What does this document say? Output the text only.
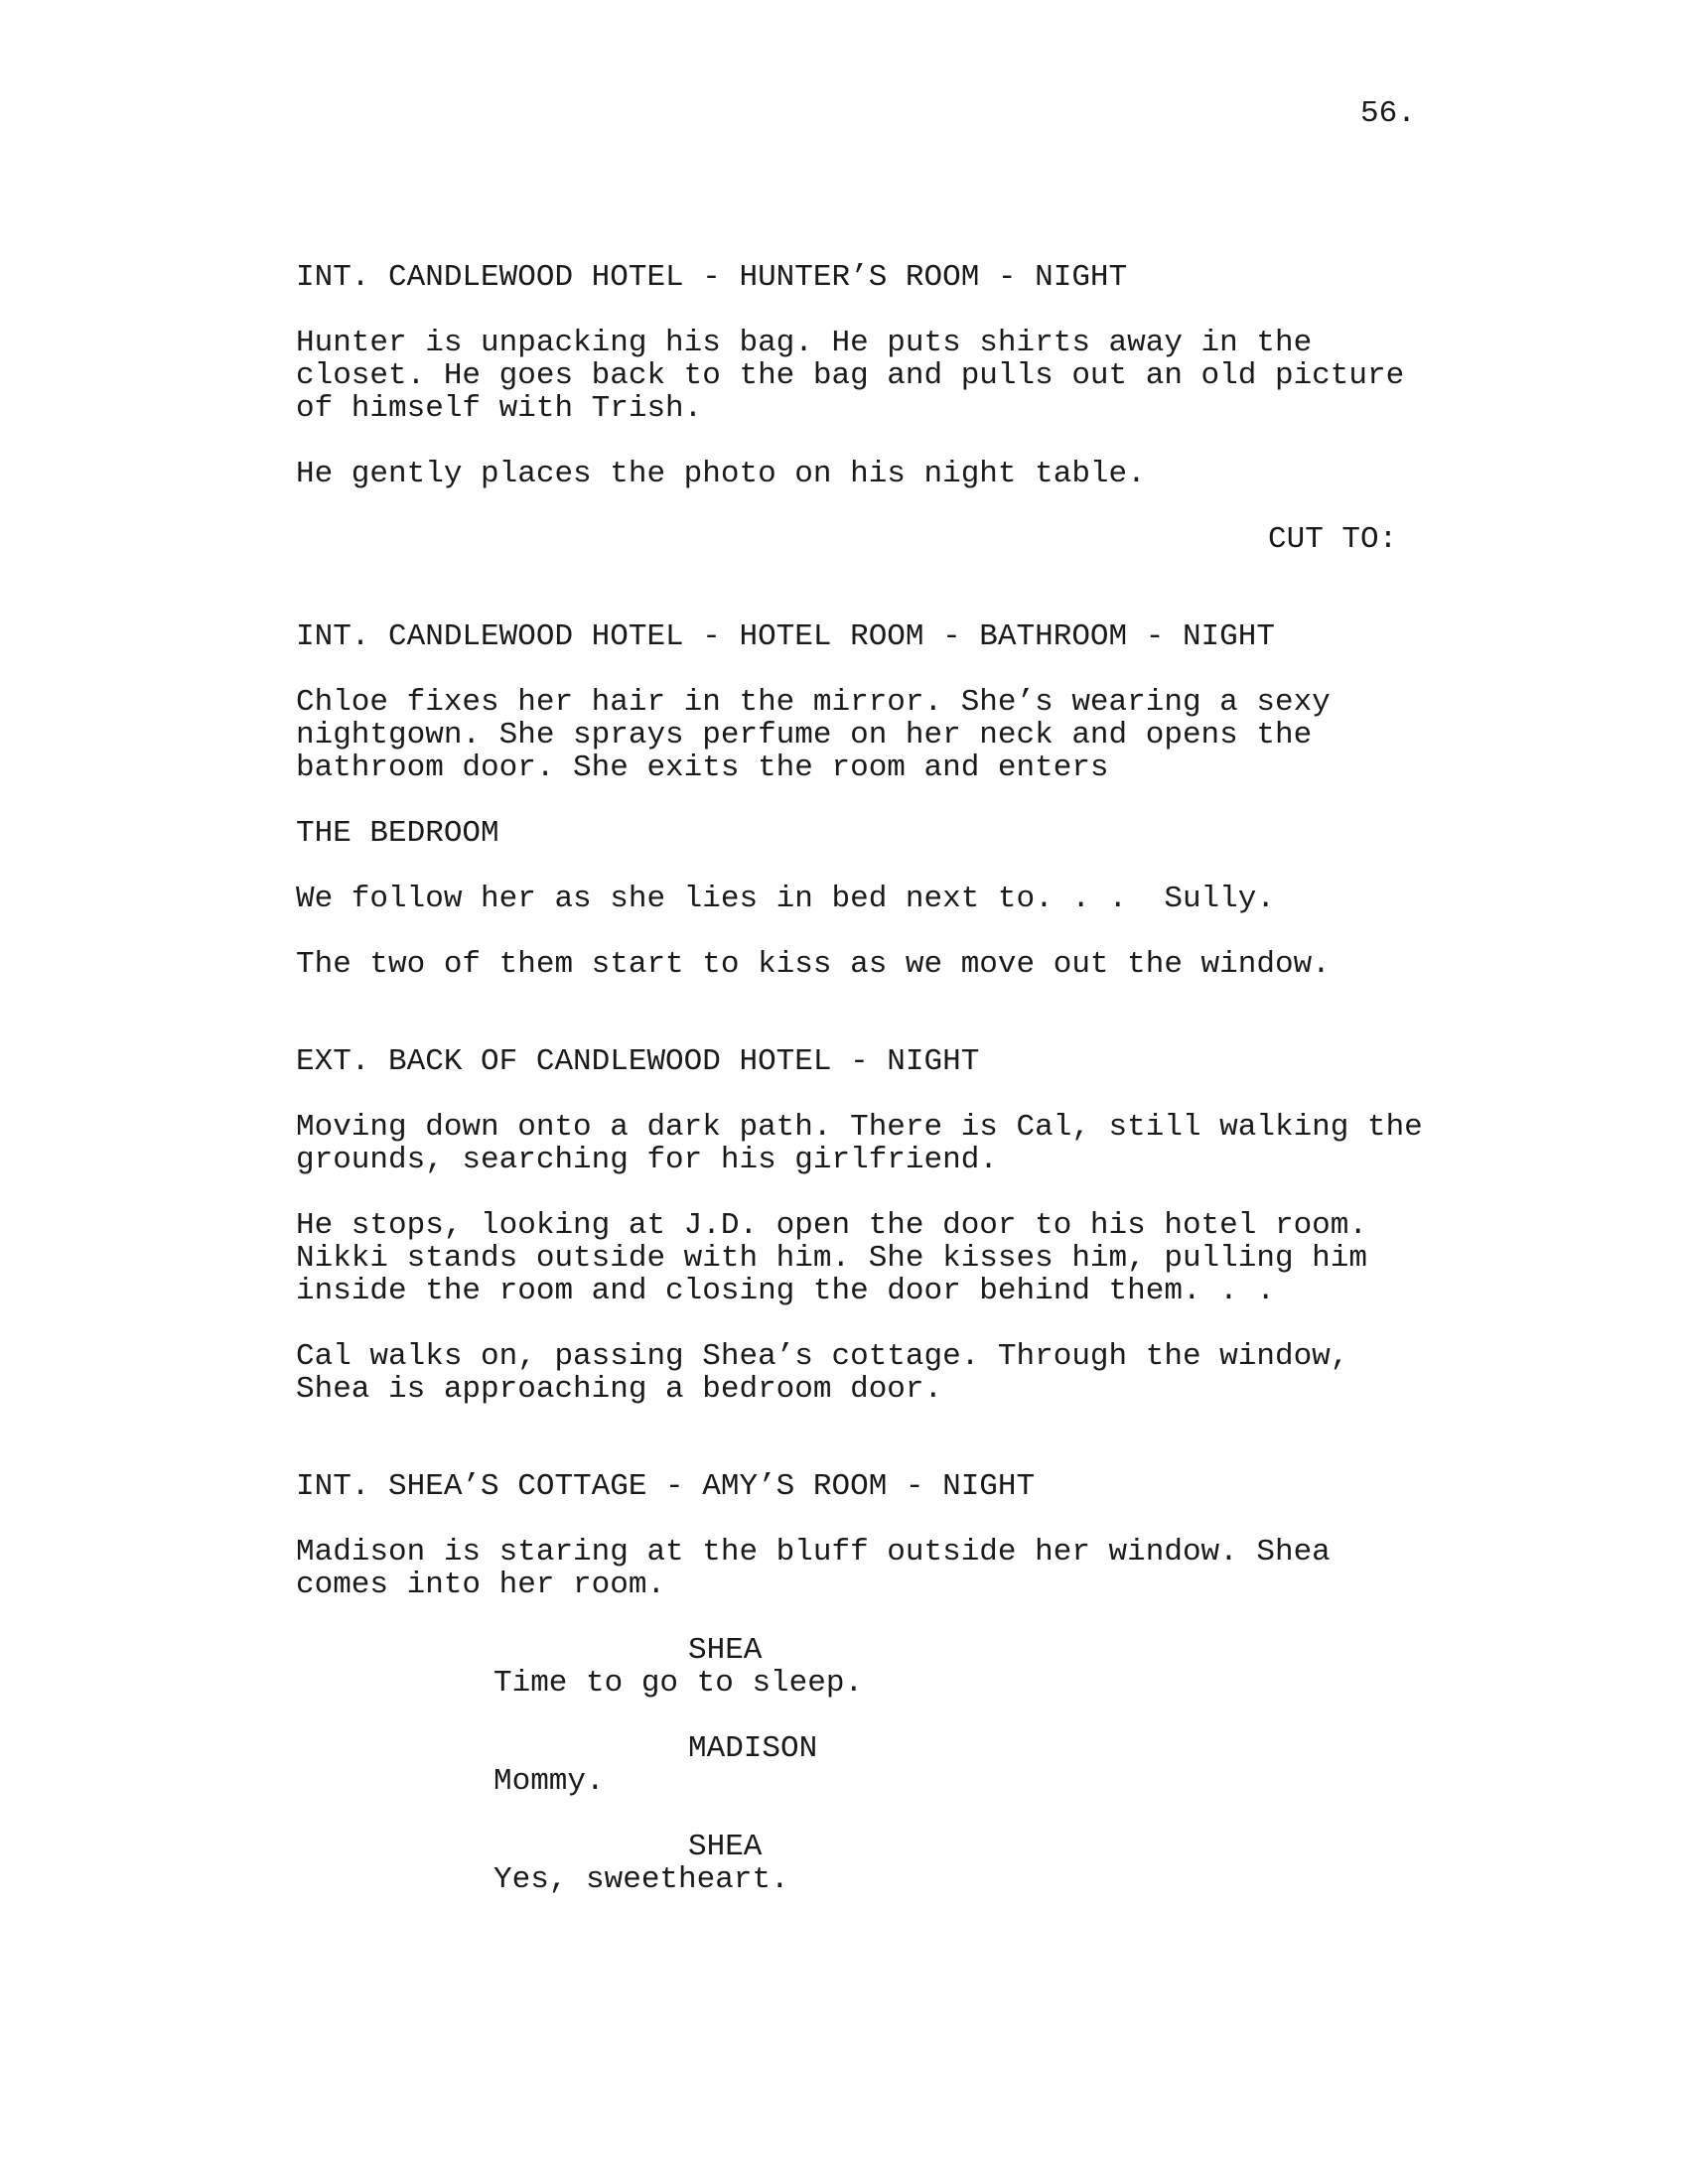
56.
INT. CANDLEWOOD HOTEL - HUNTER’S ROOM - NIGHT
Hunter is unpacking his bag. He puts shirts away in the
closet. He goes back to the bag and pulls out an old picture
of himself with Trish.
He gently places the photo on his night table.
CUT TO:
INT. CANDLEWOOD HOTEL - HOTEL ROOM - BATHROOM - NIGHT
Chloe fixes her hair in the mirror. She’s wearing a sexy
nightgown. She sprays perfume on her neck and opens the
bathroom door. She exits the room and enters
THE BEDROOM
We follow her as she lies in bed next to. . .  Sully.
The two of them start to kiss as we move out the window.
EXT. BACK OF CANDLEWOOD HOTEL - NIGHT
Moving down onto a dark path. There is Cal, still walking the
grounds, searching for his girlfriend.
He stops, looking at J.D. open the door to his hotel room.
Nikki stands outside with him. She kisses him, pulling him
inside the room and closing the door behind them. . .
Cal walks on, passing Shea’s cottage. Through the window,
Shea is approaching a bedroom door.
INT. SHEA’S COTTAGE - AMY’S ROOM - NIGHT
Madison is staring at the bluff outside her window. Shea
comes into her room.
SHEA
Time to go to sleep.
MADISON
Mommy.
SHEA
Yes, sweetheart.
